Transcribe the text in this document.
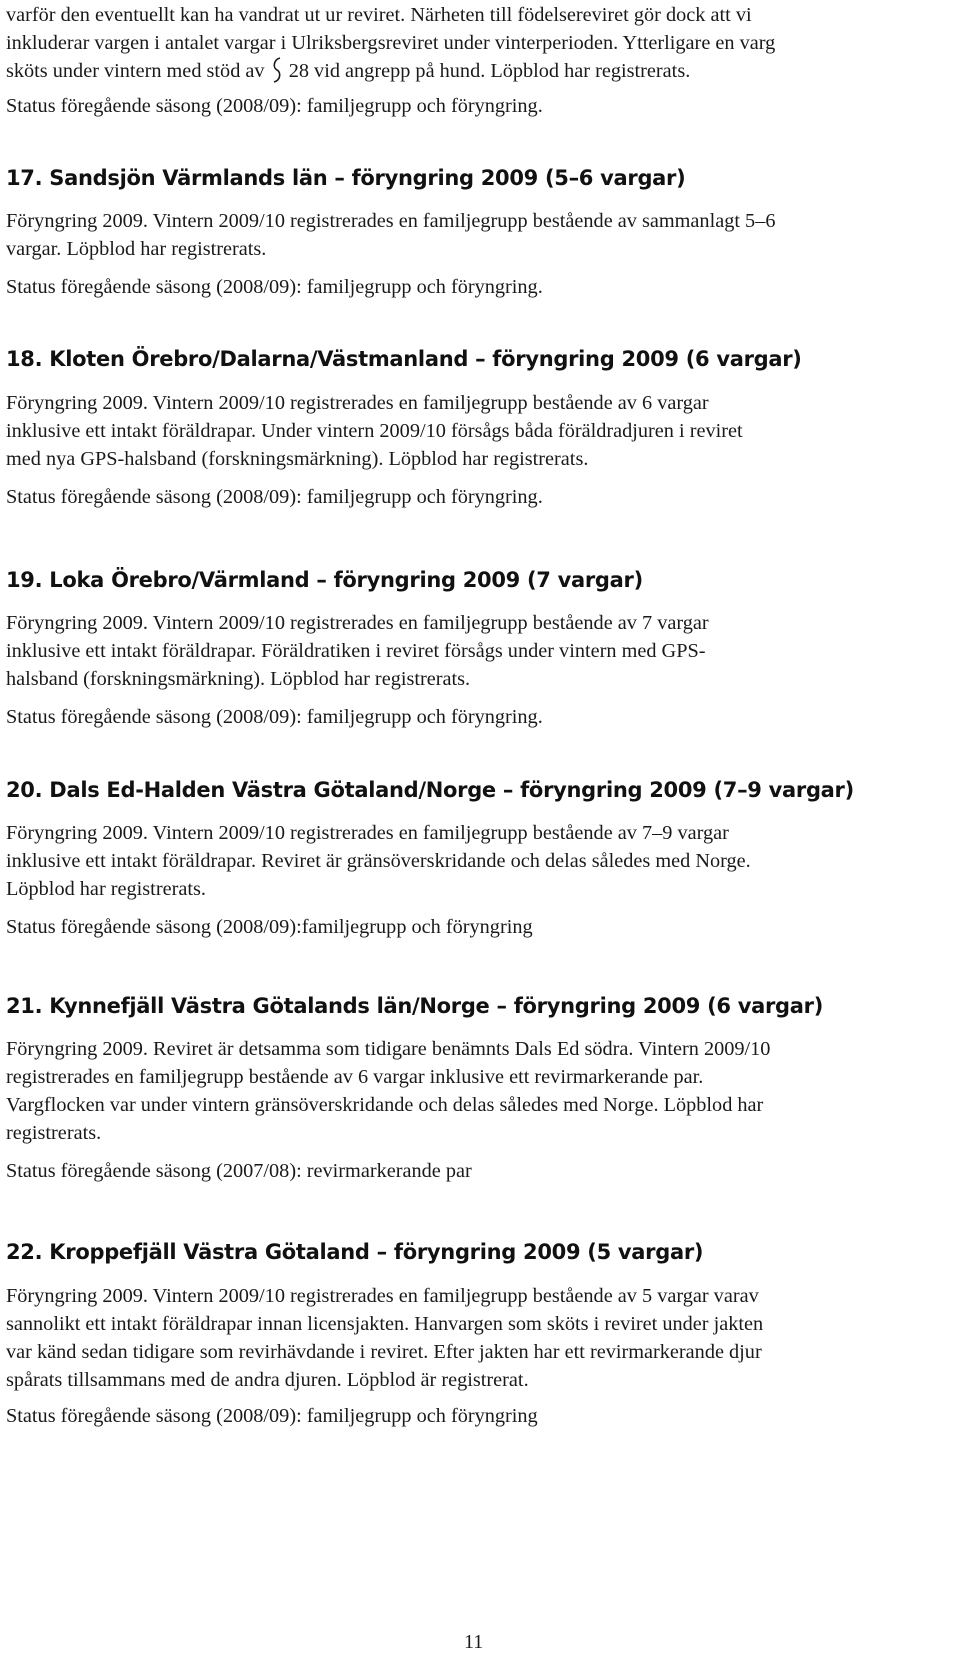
varför den eventuellt kan ha vandrat ut ur reviret. Närheten till födelsereviret gör dock att vi

inkluderar vargen i antalet vargar i Ulriksbergsreviret under vinterperioden. Ytterligare en varg

sköts under vintern med stöd av 28 vid angrepp på hund. Löpblod har registrerats.

Status föregående säsong (2008/09): familjegrupp och föryngring.
17. Sandsjön Värmlands län – föryngring 2009 (5–6 vargar)

Föryngring 2009. Vintern 2009/10 registrerades en familjegrupp bestående av sammanlagt 5–6

vargar. Löpblod har registrerats.

Status föregående säsong (2008/09): familjegrupp och föryngring.
18. Kloten Örebro/Dalarna/Västmanland – föryngring 2009 (6 vargar)

Föryngring 2009. Vintern 2009/10 registrerades en familjegrupp bestående av 6 vargar

inklusive ett intakt föräldrapar. Under vintern 2009/10 försågs båda föräldradjuren i reviret

med nya GPS-halsband (forskningsmärkning). Löpblod har registrerats.

Status föregående säsong (2008/09): familjegrupp och föryngring.
19. Loka Örebro/Värmland – föryngring 2009 (7 vargar)

Föryngring 2009. Vintern 2009/10 registrerades en familjegrupp bestående av 7 vargar

inklusive ett intakt föräldrapar. Föräldratiken i reviret försågs under vintern med GPS-

halsband (forskningsmärkning). Löpblod har registrerats.

Status föregående säsong (2008/09): familjegrupp och föryngring.
20. Dals Ed-Halden Västra Götaland/Norge – föryngring 2009 (7–9 vargar)

Föryngring 2009. Vintern 2009/10 registrerades en familjegrupp bestående av 7–9 vargar

inklusive ett intakt föräldrapar. Reviret är gränsöverskridande och delas således med Norge.

Löpblod har registrerats.

Status föregående säsong (2008/09):familjegrupp och föryngring
21. Kynnefjäll Västra Götalands län/Norge – föryngring 2009 (6 vargar)

Föryngring 2009. Reviret är detsamma som tidigare benämnts Dals Ed södra. Vintern 2009/10

registrerades en familjegrupp bestående av 6 vargar inklusive ett revirmarkerande par.

Vargflocken var under vintern gränsöverskridande och delas således med Norge. Löpblod har

registrerats.

Status föregående säsong (2007/08): revirmarkerande par
22. Kroppefjäll Västra Götaland – föryngring 2009 (5 vargar)

Föryngring 2009. Vintern 2009/10 registrerades en familjegrupp bestående av 5 vargar varav

sannolikt ett intakt föräldrapar innan licensjakten. Hanvargen som sköts i reviret under jakten

var känd sedan tidigare som revirhävdande i reviret. Efter jakten har ett revirmarkerande djur

spårats tillsammans med de andra djuren. Löpblod är registrerat.

Status föregående säsong (2008/09): familjegrupp och föryngring
11
